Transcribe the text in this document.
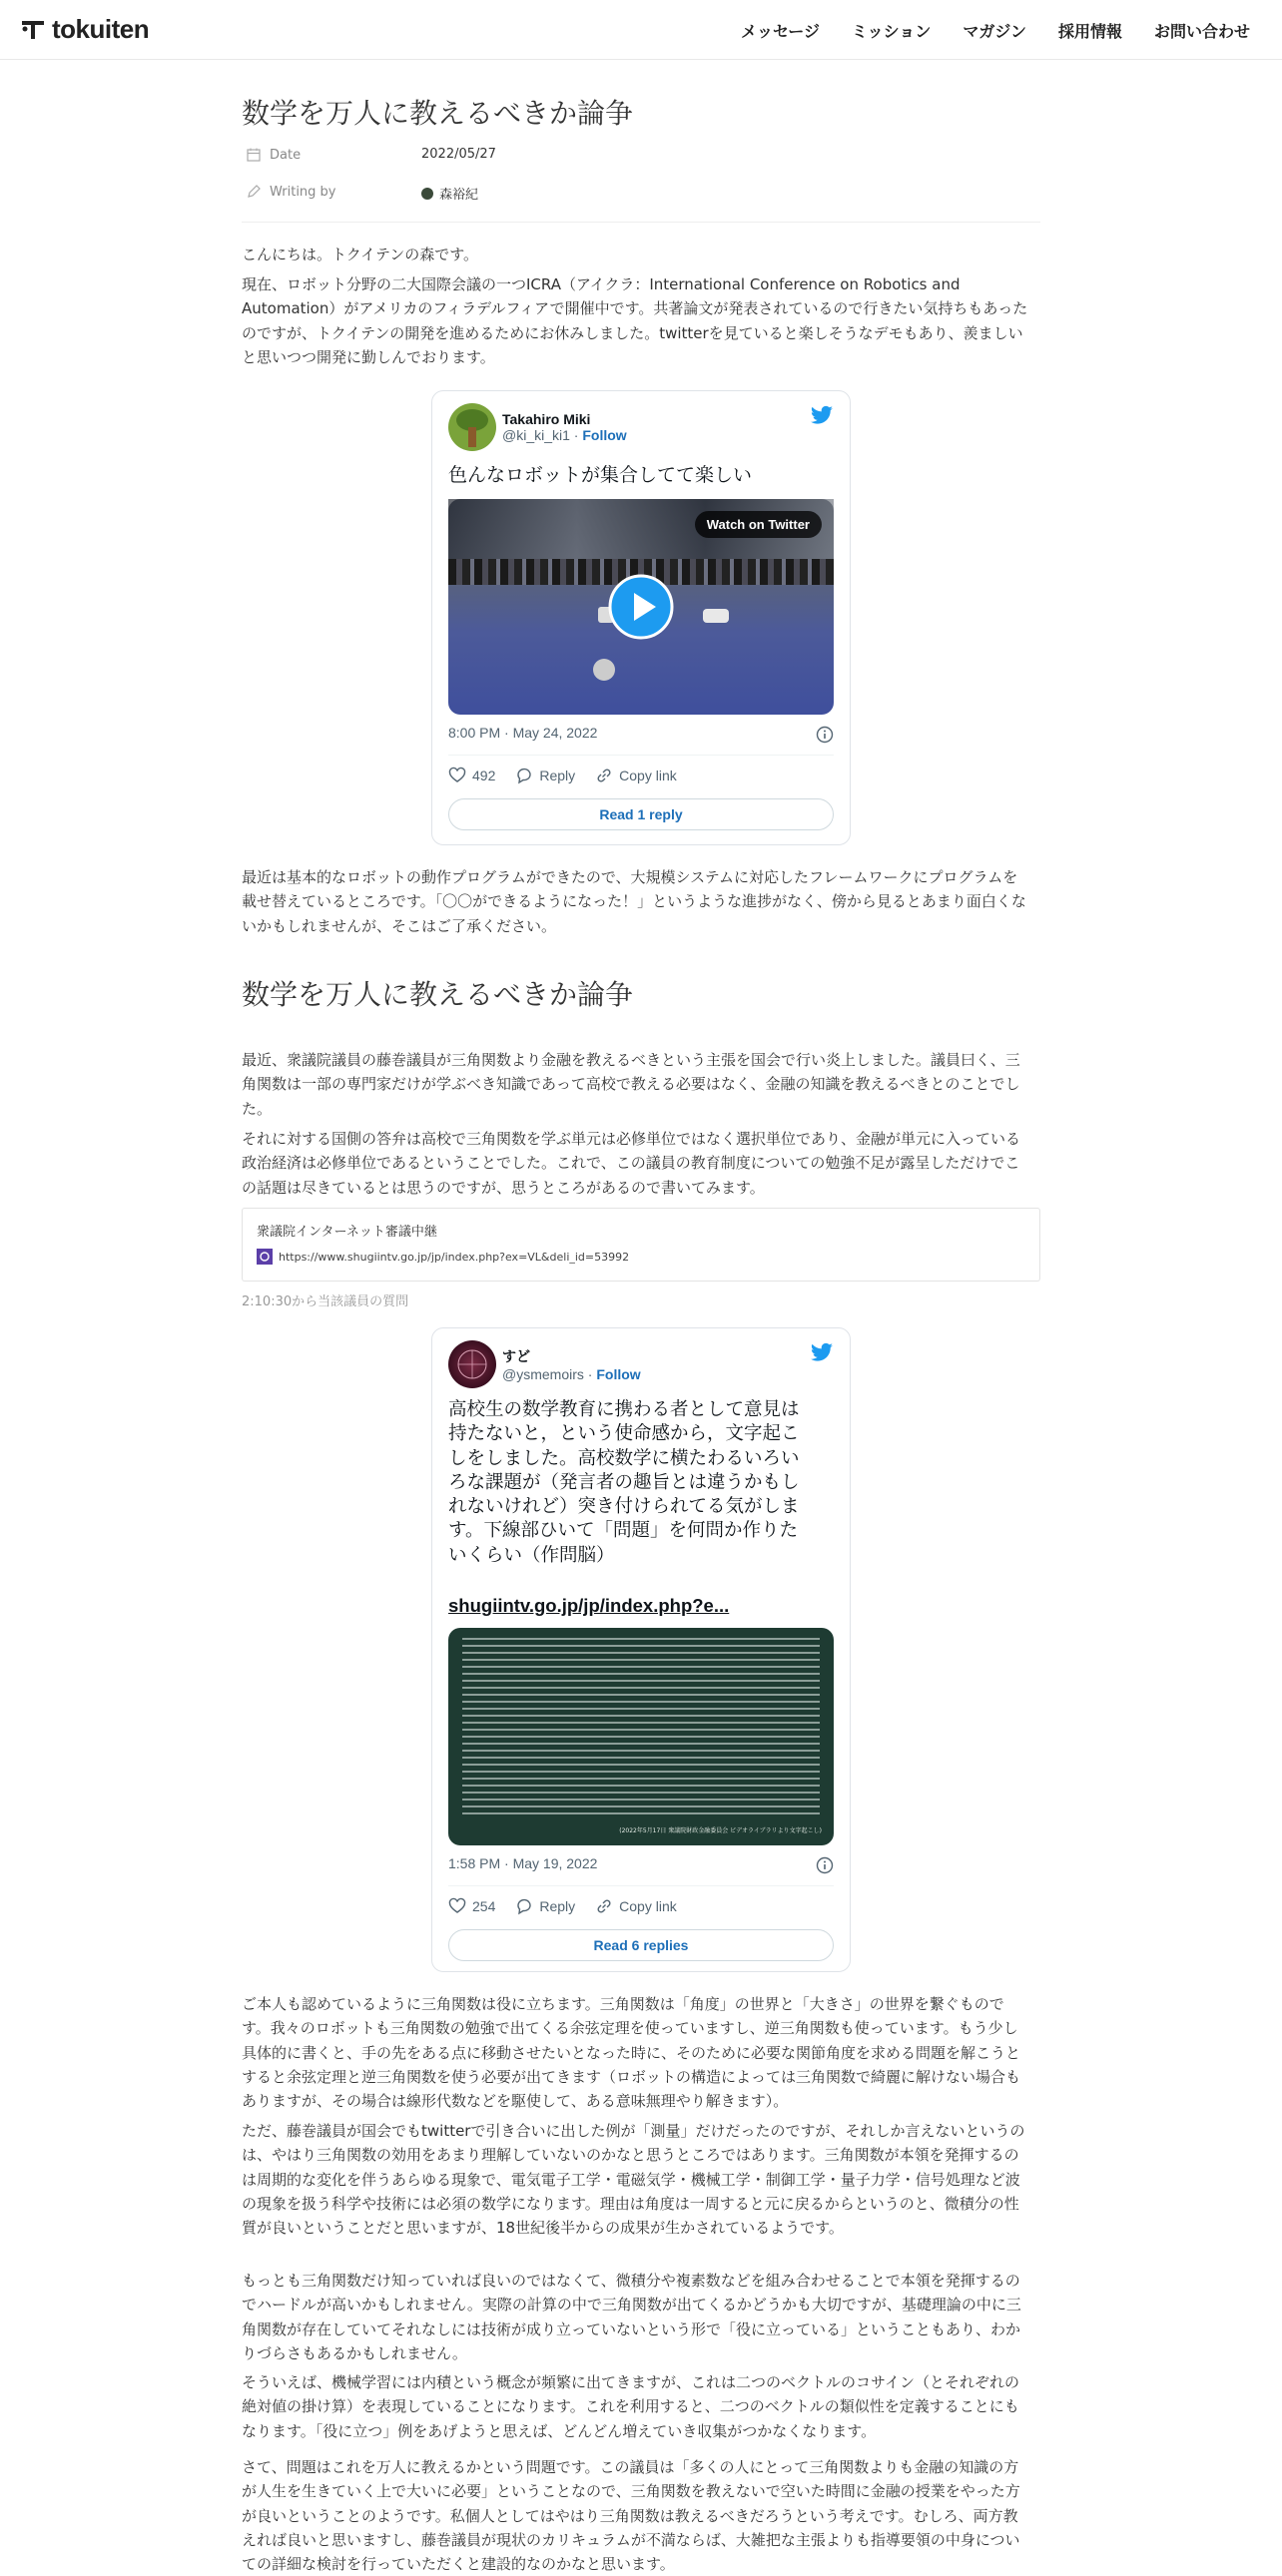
tokuiten	メッセージ ミッション マガジン 採用情報 お問い合わせ
数学を万人に教えるべきか論争
Date	2022/05/27
Writing by	森裕紀

こんにちは。トクイテンの森です。

現在、ロボット分野の二大国際会議の一つICRA（アイクラ：International Conference on Robotics and Automation）がアメリカのフィラデルフィアで開催中です。共著論文が発表されているので行きたい気持ちもあったのですが、トクイテンの開発を進めるためにお休みしました。twitterを見ていると楽しそうなデモもあり、羨ましいと思いつつ開発に勤しんでおります。

Takahiro Miki
@ki_ki_ki1 · Follow
色んなロボットが集合してて楽しい
Watch on Twitter
8:00 PM · May 24, 2022
492	Reply	Copy link
Read 1 reply

最近は基本的なロボットの動作プログラムができたので、大規模システムに対応したフレームワークにプログラムを載せ替えているところです。「〇〇ができるようになった！」というような進捗がなく、傍から見るとあまり面白くないかもしれませんが、そこはご了承ください。

数学を万人に教えるべきか論争

最近、衆議院議員の藤巻議員が三角関数より金融を教えるべきという主張を国会で行い炎上しました。議員曰く、三角関数は一部の専門家だけが学ぶべき知識であって高校で教える必要はなく、金融の知識を教えるべきとのことでした。

それに対する国側の答弁は高校で三角関数を学ぶ単元は必修単位ではなく選択単位であり、金融が単元に入っている政治経済は必修単位であるということでした。これで、この議員の教育制度についての勉強不足が露呈しただけでこの話題は尽きているとは思うのですが、思うところがあるので書いてみます。

衆議院インターネット審議中継
https://www.shugiintv.go.jp/jp/index.php?ex=VL&deli_id=53992
2:10:30から当該議員の質問
すど
@ysmemoirs · Follow
高校生の数学教育に携わる者として意見は
持たないと，という使命感から，文字起こ
しをしました。高校数学に横たわるいろい
ろな課題が（発言者の趣旨とは違うかもし
れないけれど）突き付けられてる気がしま
す。下線部ひいて「問題」を何問か作りた
いくらい（作問脳）
shugiintv.go.jp/jp/index.php?e...
(2022年5月17日 衆議院財政金融委員会 ビデオライブラリより文字起こし)
1:58 PM · May 19, 2022
254	Reply	Copy link
Read 6 replies

ご本人も認めているように三角関数は役に立ちます。三角関数は「角度」の世界と「大きさ」の世界を繋ぐものです。我々のロボットも三角関数の勉強で出てくる余弦定理を使っていますし、逆三角関数も使っています。もう少し具体的に書くと、手の先をある点に移動させたいとなった時に、そのために必要な関節角度を求める問題を解こうとすると余弦定理と逆三角関数を使う必要が出てきます（ロボットの構造によっては三角関数で綺麗に解けない場合もありますが、その場合は線形代数などを駆使して、ある意味無理やり解きます）。

ただ、藤巻議員が国会でもtwitterで引き合いに出した例が「測量」だけだったのですが、それしか言えないというのは、やはり三角関数の効用をあまり理解していないのかなと思うところではあります。三角関数が本領を発揮するのは周期的な変化を伴うあらゆる現象で、電気電子工学・電磁気学・機械工学・制御工学・量子力学・信号処理など波の現象を扱う科学や技術には必須の数学になります。理由は角度は一周すると元に戻るからというのと、微積分の性質が良いということだと思いますが、18世紀後半からの成果が生かされているようです。

もっとも三角関数だけ知っていれば良いのではなくて、微積分や複素数などを組み合わせることで本領を発揮するのでハードルが高いかもしれません。実際の計算の中で三角関数が出てくるかどうかも大切ですが、基礎理論の中に三角関数が存在していてそれなしには技術が成り立っていないという形で「役に立っている」ということもあり、わかりづらさもあるかもしれません。

そういえば、機械学習には内積という概念が頻繁に出てきますが、これは二つのベクトルのコサイン（とそれぞれの絶対値の掛け算）を表現していることになります。これを利用すると、二つのベクトルの類似性を定義することにもなります。「役に立つ」例をあげようと思えば、どんどん増えていき収集がつかなくなります。

さて、問題はこれを万人に教えるかという問題です。この議員は「多くの人にとって三角関数よりも金融の知識の方が人生を生きていく上で大いに必要」ということなので、三角関数を教えないで空いた時間に金融の授業をやった方が良いということのようです。私個人としてはやはり三角関数は教えるべきだろうという考えです。むしろ、両方教えれば良いと思いますし、藤巻議員が現状のカリキュラムが不満ならば、大雑把な主張よりも指導要領の中身についての詳細な検討を行っていただくと建設的なのかなと思います。
